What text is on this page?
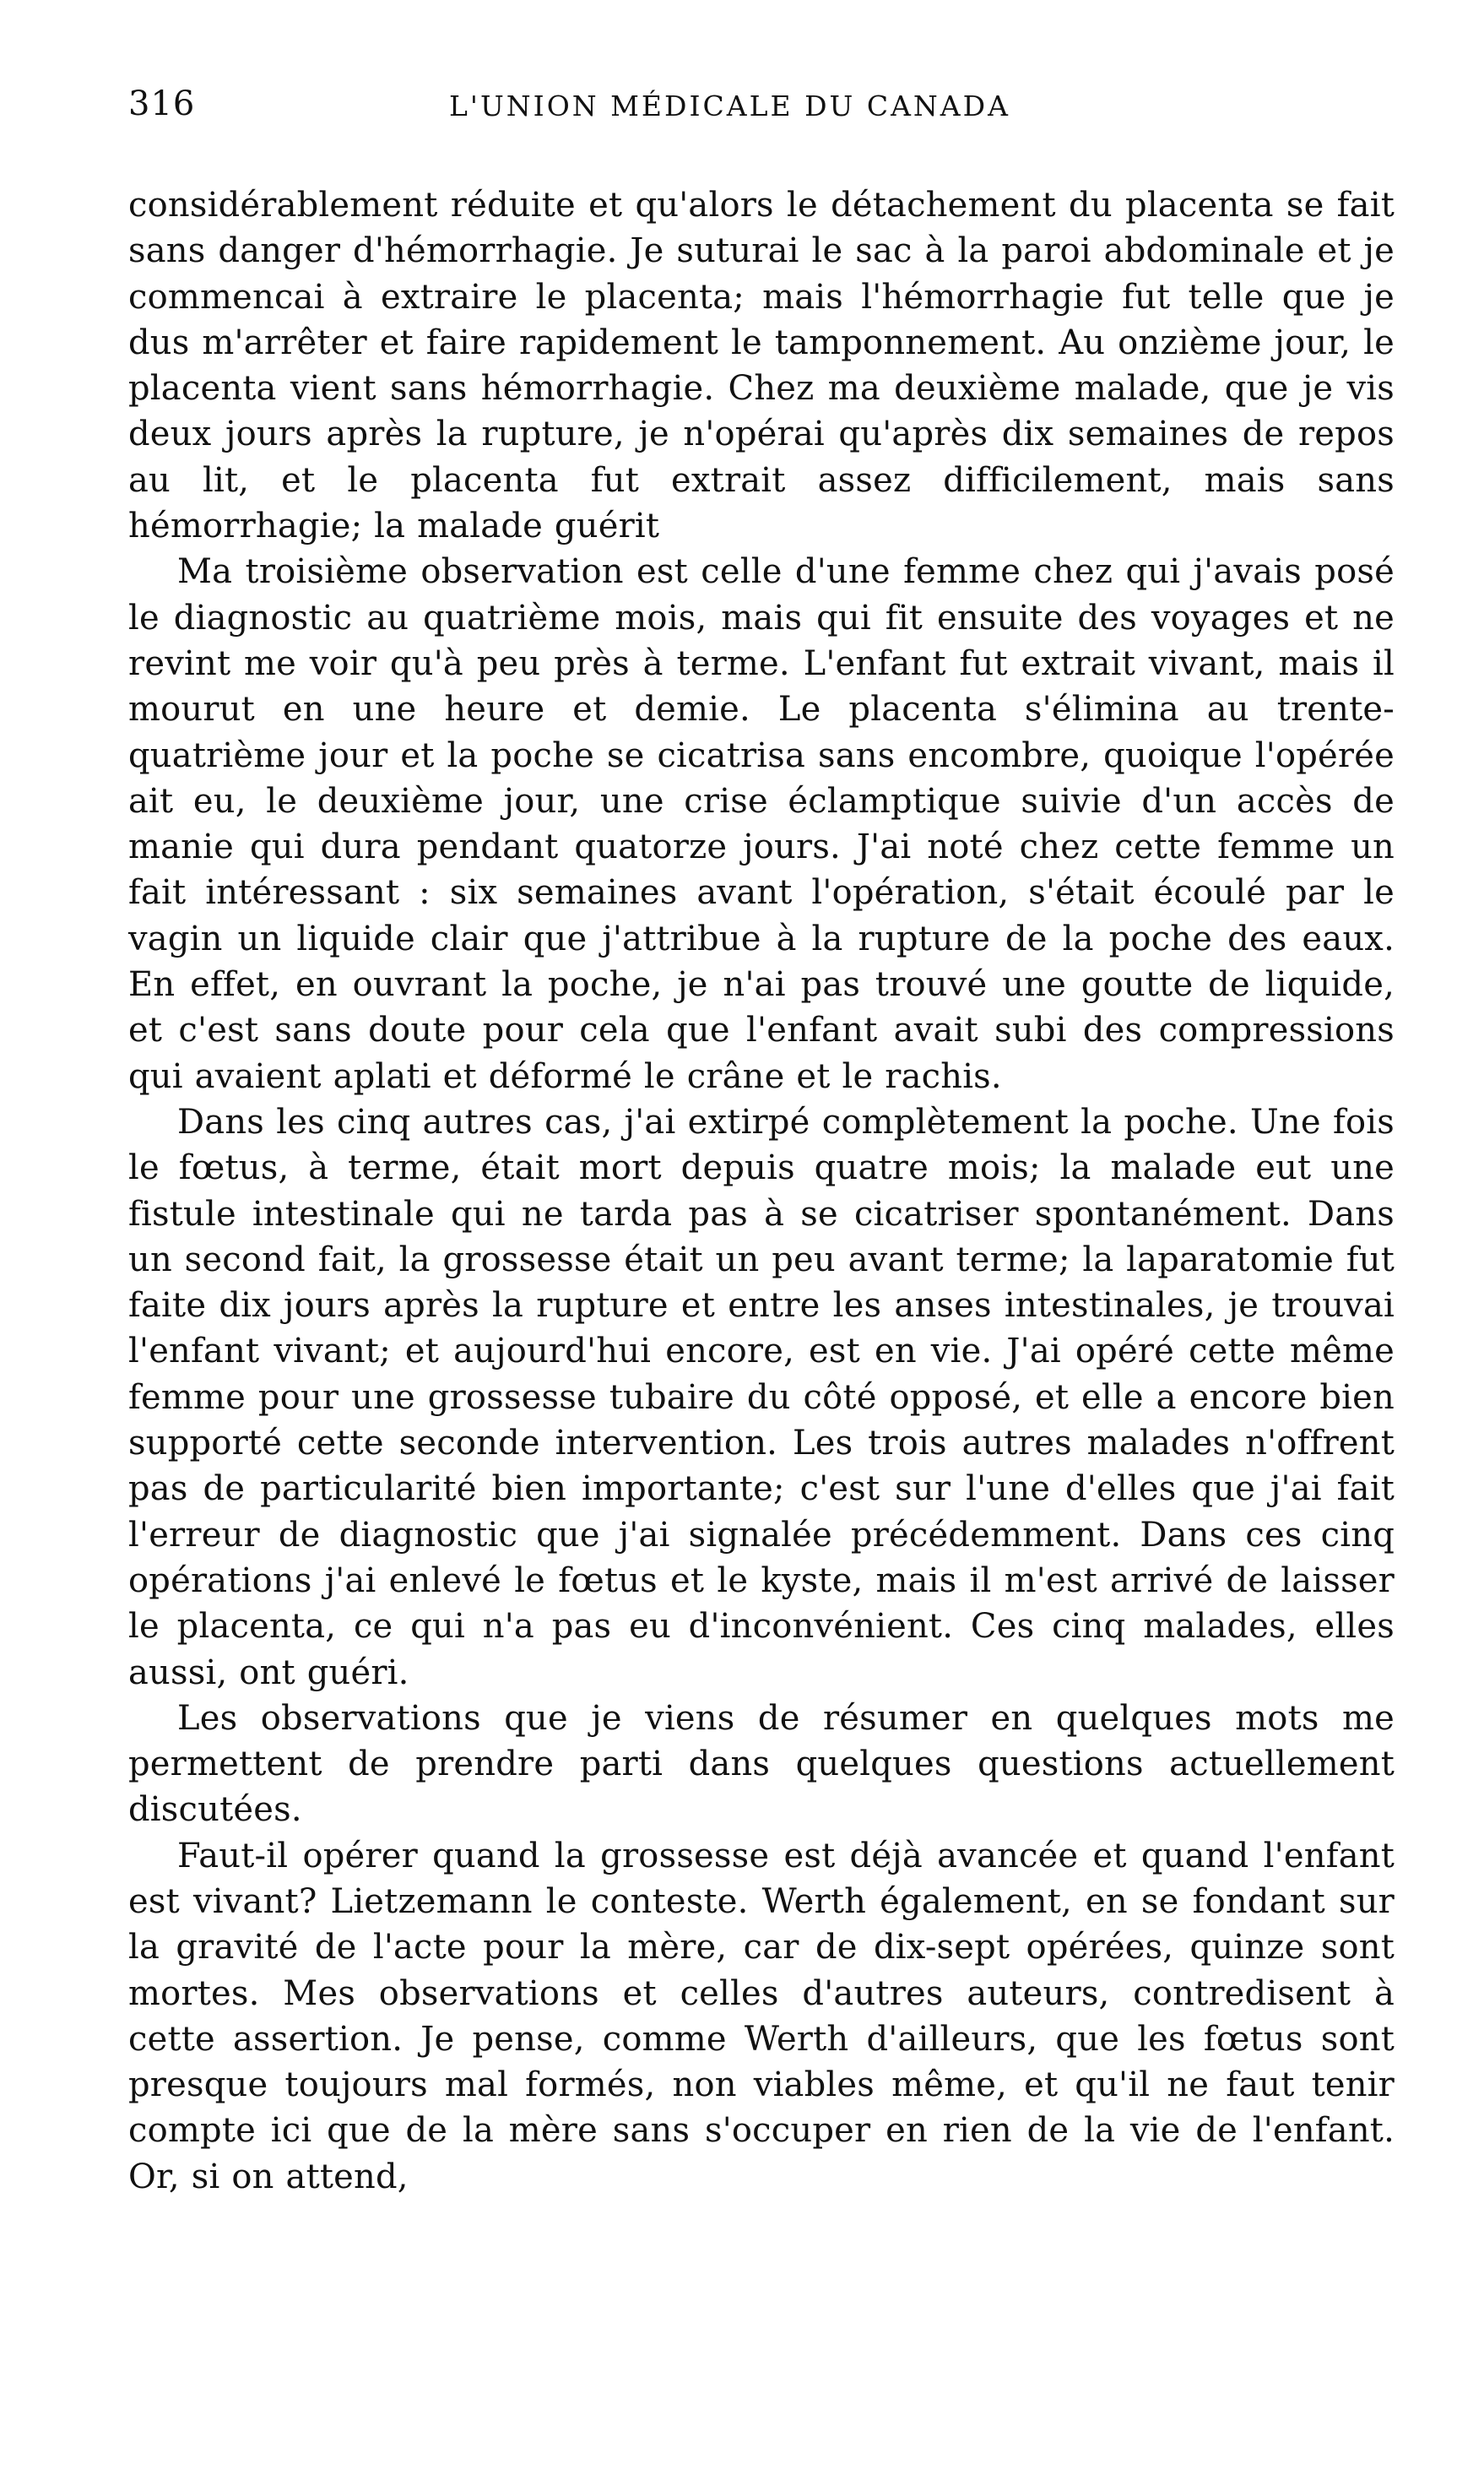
316	L'UNION MÉDICALE DU CANADA

considérablement réduite et qu'alors le détachement du placenta se fait sans danger d'hémorrhagie. Je suturai le sac à la paroi abdominale et je commencai à extraire le placenta; mais l'hémorrhagie fut telle que je dus m'arrêter et faire rapidement le tamponnement. Au onzième jour, le placenta vient sans hémorrhagie. Chez ma deuxième malade, que je vis deux jours après la rupture, je n'opérai qu'après dix semaines de repos au lit, et le placenta fut extrait assez difficilement, mais sans hémorrhagie; la malade guérit

Ma troisième observation est celle d'une femme chez qui j'avais posé le diagnostic au quatrième mois, mais qui fit ensuite des voyages et ne revint me voir qu'à peu près à terme. L'enfant fut extrait vivant, mais il mourut en une heure et demie. Le placenta s'élimina au trente-quatrième jour et la poche se cicatrisa sans encombre, quoique l'opérée ait eu, le deuxième jour, une crise éclamptique suivie d'un accès de manie qui dura pendant quatorze jours. J'ai noté chez cette femme un fait intéressant : six semaines avant l'opération, s'était écoulé par le vagin un liquide clair que j'attribue à la rupture de la poche des eaux. En effet, en ouvrant la poche, je n'ai pas trouvé une goutte de liquide, et c'est sans doute pour cela que l'enfant avait subi des compressions qui avaient aplati et déformé le crâne et le rachis.

Dans les cinq autres cas, j'ai extirpé complètement la poche. Une fois le fœtus, à terme, était mort depuis quatre mois; la malade eut une fistule intestinale qui ne tarda pas à se cicatriser spontanément. Dans un second fait, la grossesse était un peu avant terme; la laparatomie fut faite dix jours après la rupture et entre les anses intestinales, je trouvai l'enfant vivant; et aujourd'hui encore, est en vie. J'ai opéré cette même femme pour une grossesse tubaire du côté opposé, et elle a encore bien supporté cette seconde intervention. Les trois autres malades n'offrent pas de particularité bien importante; c'est sur l'une d'elles que j'ai fait l'erreur de diagnostic que j'ai signalée précédemment. Dans ces cinq opérations j'ai enlevé le fœtus et le kyste, mais il m'est arrivé de laisser le placenta, ce qui n'a pas eu d'inconvénient. Ces cinq malades, elles aussi, ont guéri.

Les observations que je viens de résumer en quelques mots me permettent de prendre parti dans quelques questions actuellement discutées.

Faut-il opérer quand la grossesse est déjà avancée et quand l'enfant est vivant? Lietzemann le conteste. Werth également, en se fondant sur la gravité de l'acte pour la mère, car de dix-sept opérées, quinze sont mortes. Mes observations et celles d'autres auteurs, contredisent à cette assertion. Je pense, comme Werth d'ailleurs, que les fœtus sont presque toujours mal formés, non viables même, et qu'il ne faut tenir compte ici que de la mère sans s'occuper en rien de la vie de l'enfant. Or, si on attend,
